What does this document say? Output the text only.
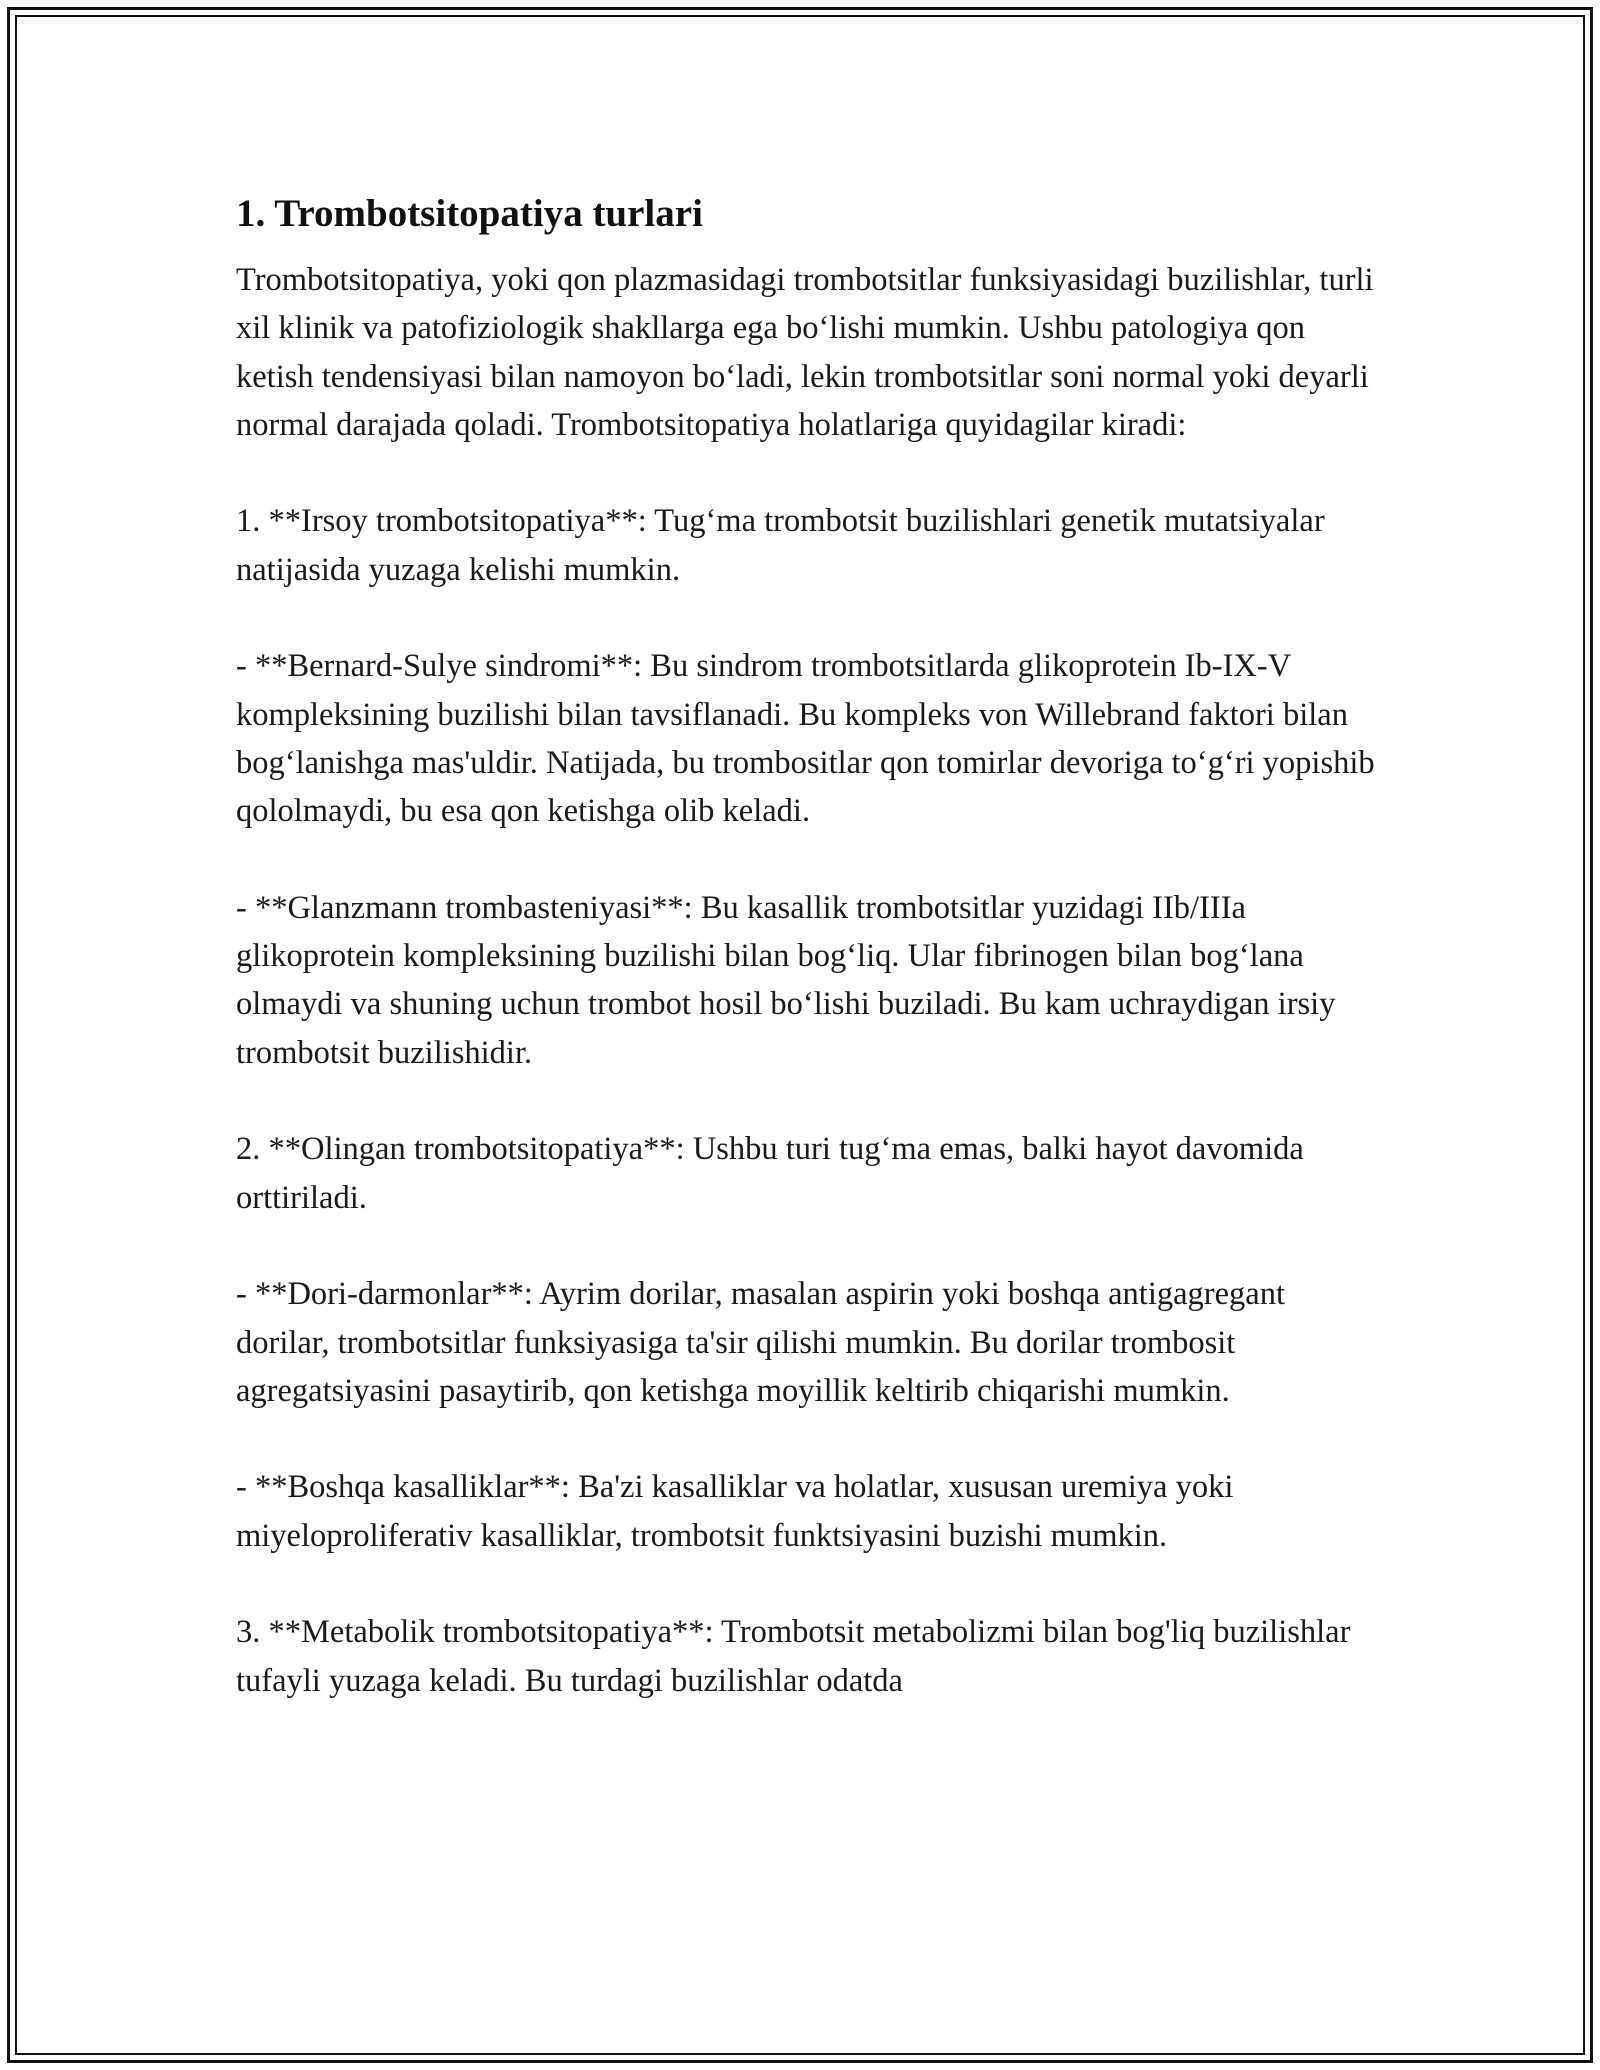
1. Trombotsitopatiya turlari

Trombotsitopatiya, yoki qon plazmasidagi trombotsitlar funksiyasidagi buzilishlar, turli xil klinik va patofiziologik shakllarga ega bo‘lishi mumkin. Ushbu patologiya qon ketish tendensiyasi bilan namoyon bo‘ladi, lekin trombotsitlar soni normal yoki deyarli normal darajada qoladi. Trombotsitopatiya holatlariga quyidagilar kiradi:

1. **Irsoy trombotsitopatiya**: Tug‘ma trombotsit buzilishlari genetik mutatsiyalar natijasida yuzaga kelishi mumkin.

- **Bernard-Sulye sindromi**: Bu sindrom trombotsitlarda glikoprotein Ib-IX-V kompleksining buzilishi bilan tavsiflanadi. Bu kompleks von Willebrand faktori bilan bog‘lanishga mas'uldir. Natijada, bu trombositlar qon tomirlar devoriga to‘g‘ri yopishib qololmaydi, bu esa qon ketishga olib keladi.

- **Glanzmann trombasteniyasi**: Bu kasallik trombotsitlar yuzidagi IIb/IIIa glikoprotein kompleksining buzilishi bilan bog‘liq. Ular fibrinogen bilan bog‘lana olmaydi va shuning uchun trombot hosil bo‘lishi buziladi. Bu kam uchraydigan irsiy trombotsit buzilishidir.

2. **Olingan trombotsitopatiya**: Ushbu turi tug‘ma emas, balki hayot davomida orttiriladi.

- **Dori-darmonlar**: Ayrim dorilar, masalan aspirin yoki boshqa antigagregant dorilar, trombotsitlar funksiyasiga ta'sir qilishi mumkin. Bu dorilar trombosit agregatsiyasini pasaytirib, qon ketishga moyillik keltirib chiqarishi mumkin.

- **Boshqa kasalliklar**: Ba'zi kasalliklar va holatlar, xususan uremiya yoki miyeloproliferativ kasalliklar, trombotsit funktsiyasini buzishi mumkin.

3. **Metabolik trombotsitopatiya**: Trombotsit metabolizmi bilan bog'liq buzilishlar tufayli yuzaga keladi. Bu turdagi buzilishlar odatda
